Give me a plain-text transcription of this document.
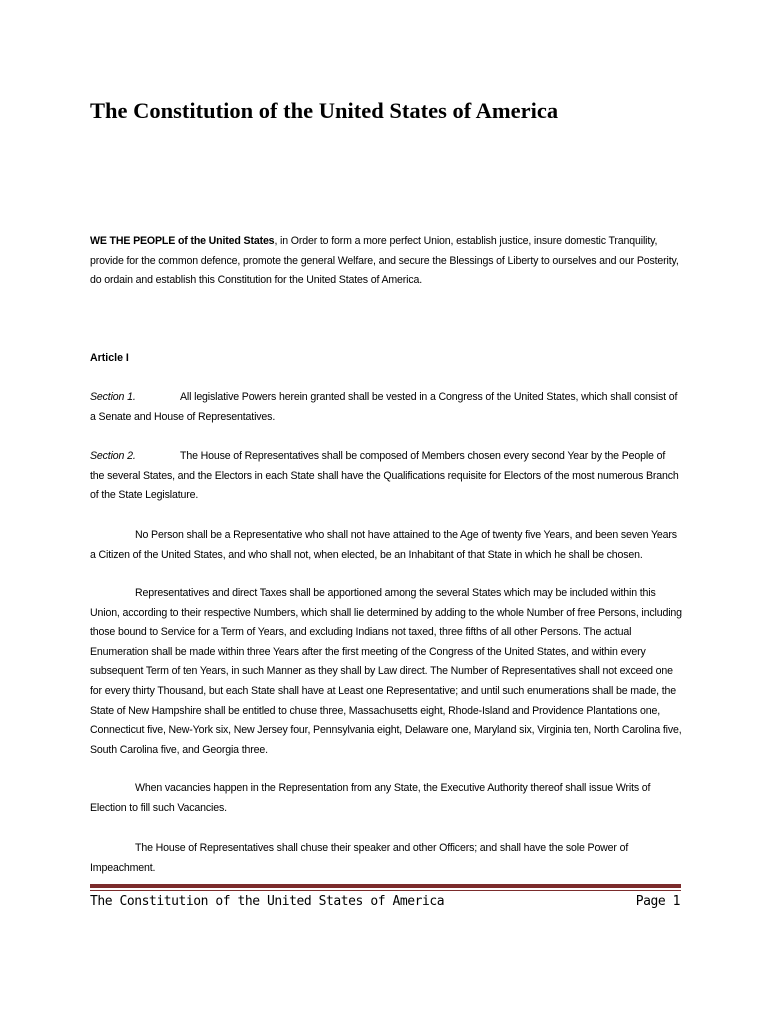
The Constitution of the United States of America

WE THE PEOPLE of the United States, in Order to form a more perfect Union, establish justice, insure domestic Tranquility, provide for the common defence, promote the general Welfare, and secure the Blessings of Liberty to ourselves and our Posterity, do ordain and establish this Constitution for the United States of America.

Article I

Section 1.	All legislative Powers herein granted shall be vested in a Congress of the United States, which shall consist of a Senate and House of Representatives.

Section 2.	The House of Representatives shall be composed of Members chosen every second Year by the People of the several States, and the Electors in each State shall have the Qualifications requisite for Electors of the most numerous Branch of the State Legislature.

No Person shall be a Representative who shall not have attained to the Age of twenty five Years, and been seven Years a Citizen of the United States, and who shall not, when elected, be an Inhabitant of that State in which he shall be chosen.

Representatives and direct Taxes shall be apportioned among the several States which may be included within this Union, according to their respective Numbers, which shall lie determined by adding to the whole Number of free Persons, including those bound to Service for a Term of Years, and excluding Indians not taxed, three fifths of all other Persons. The actual Enumeration shall be made within three Years after the first meeting of the Congress of the United States, and within every subsequent Term of ten Years, in such Manner as they shall by Law direct. The Number of Representatives shall not exceed one for every thirty Thousand, but each State shall have at Least one Representative; and until such enumerations shall be made, the State of New Hampshire shall be entitled to chuse three, Massachusetts eight, Rhode-Island and Providence Plantations one, Connecticut five, New-York six, New Jersey four, Pennsylvania eight, Delaware one, Maryland six, Virginia ten, North Carolina five, South Carolina five, and Georgia three.

When vacancies happen in the Representation from any State, the Executive Authority thereof shall issue Writs of Election to fill such Vacancies.

The House of Representatives shall chuse their speaker and other Officers; and shall have the sole Power of Impeachment.

The Constitution of the United States of America	Page 1
